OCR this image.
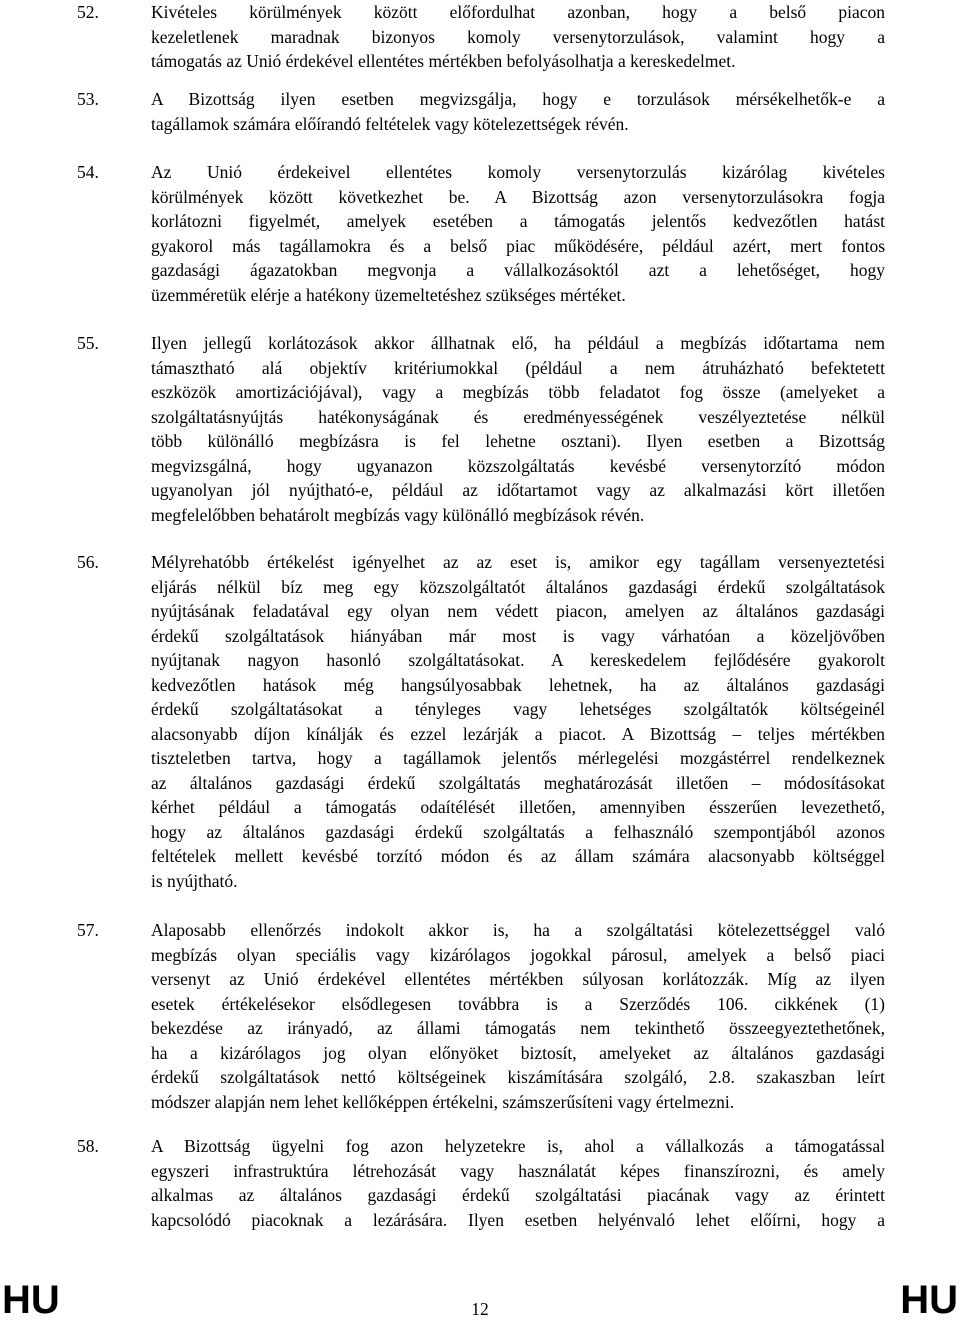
52.	Kivételes körülmények között előfordulhat azonban, hogy a belső piacon
kezeletlenek maradnak bizonyos komoly versenytorzulások, valamint hogy a
támogatás az Unió érdekével ellentétes mértékben befolyásolhatja a kereskedelmet.
53.	A Bizottság ilyen esetben megvizsgálja, hogy e torzulások mérsékelhetők-e a
tagállamok számára előírandó feltételek vagy kötelezettségek révén.
54.	Az Unió érdekeivel ellentétes komoly versenytorzulás kizárólag kivételes
körülmények között következhet be. A Bizottság azon versenytorzulásokra fogja
korlátozni figyelmét, amelyek esetében a támogatás jelentős kedvezőtlen hatást
gyakorol más tagállamokra és a belső piac működésére, például azért, mert fontos
gazdasági ágazatokban megvonja a vállalkozásoktól azt a lehetőséget, hogy
üzemméretük elérje a hatékony üzemeltetéshez szükséges mértéket.
55.	Ilyen jellegű korlátozások akkor állhatnak elő, ha például a megbízás időtartama nem
támasztható alá objektív kritériumokkal (például a nem átruházható befektetett
eszközök amortizációjával), vagy a megbízás több feladatot fog össze (amelyeket a
szolgáltatásnyújtás hatékonyságának és eredményességének veszélyeztetése nélkül
több különálló megbízásra is fel lehetne osztani). Ilyen esetben a Bizottság
megvizsgálná, hogy ugyanazon közszolgáltatás kevésbé versenytorzító módon
ugyanolyan jól nyújtható-e, például az időtartamot vagy az alkalmazási kört illetően
megfelelőbben behatárolt megbízás vagy különálló megbízások révén.
56.	Mélyrehatóbb értékelést igényelhet az az eset is, amikor egy tagállam versenyeztetési
eljárás nélkül bíz meg egy közszolgáltatót általános gazdasági érdekű szolgáltatások
nyújtásának feladatával egy olyan nem védett piacon, amelyen az általános gazdasági
érdekű szolgáltatások hiányában már most is vagy várhatóan a közeljövőben
nyújtanak nagyon hasonló szolgáltatásokat. A kereskedelem fejlődésére gyakorolt
kedvezőtlen hatások még hangsúlyosabbak lehetnek, ha az általános gazdasági
érdekű szolgáltatásokat a tényleges vagy lehetséges szolgáltatók költségeinél
alacsonyabb díjon kínálják és ezzel lezárják a piacot. A Bizottság – teljes mértékben
tiszteletben tartva, hogy a tagállamok jelentős mérlegelési mozgástérrel rendelkeznek
az általános gazdasági érdekű szolgáltatás meghatározását illetően – módosításokat
kérhet például a támogatás odaítélését illetően, amennyiben ésszerűen levezethető,
hogy az általános gazdasági érdekű szolgáltatás a felhasználó szempontjából azonos
feltételek mellett kevésbé torzító módon és az állam számára alacsonyabb költséggel
is nyújtható.
57.	Alaposabb ellenőrzés indokolt akkor is, ha a szolgáltatási kötelezettséggel való
megbízás olyan speciális vagy kizárólagos jogokkal párosul, amelyek a belső piaci
versenyt az Unió érdekével ellentétes mértékben súlyosan korlátozzák. Míg az ilyen
esetek értékelésekor elsődlegesen továbbra is a Szerződés 106. cikkének (1)
bekezdése az irányadó, az állami támogatás nem tekinthető összeegyeztethetőnek,
ha a kizárólagos jog olyan előnyöket biztosít, amelyeket az általános gazdasági
érdekű szolgáltatások nettó költségeinek kiszámítására szolgáló, 2.8. szakaszban leírt
módszer alapján nem lehet kellőképpen értékelni, számszerűsíteni vagy értelmezni.
58.	A Bizottság ügyelni fog azon helyzetekre is, ahol a vállalkozás a támogatással
egyszeri infrastruktúra létrehozását vagy használatát képes finanszírozni, és amely
alkalmas az általános gazdasági érdekű szolgáltatási piacának vagy az érintett
kapcsolódó piacoknak a lezárására. Ilyen esetben helyénvaló lehet előírni, hogy a
HU	12	HU
